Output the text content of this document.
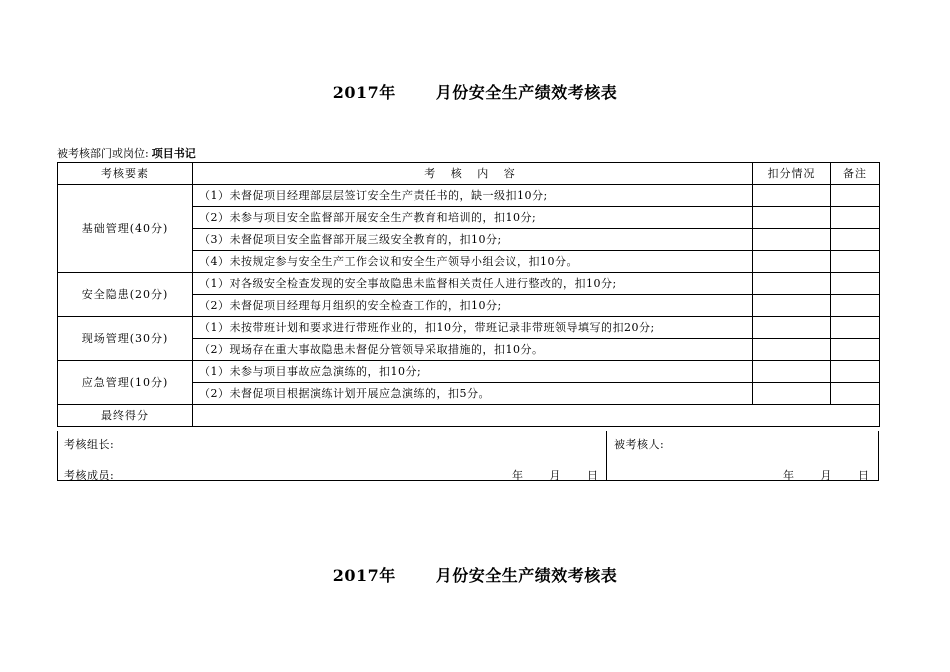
2017年	月份安全生产绩效考核表
被考核部门或岗位: 项目书记
考核要素	考 核 内 容	扣分情况	备注
基础管理(40分)	（1）未督促项目经理部层层签订安全生产责任书的，缺一级扣10分;		
	（2）未参与项目安全监督部开展安全生产教育和培训的，扣10分;		
	（3）未督促项目安全监督部开展三级安全教育的，扣10分;		
	（4）未按规定参与安全生产工作会议和安全生产领导小组会议，扣10分。		
安全隐患(20分)	（1）对各级安全检查发现的安全事故隐患未监督相关责任人进行整改的，扣10分;		
	（2）未督促项目经理每月组织的安全检查工作的，扣10分;		
现场管理(30分)	（1）未按带班计划和要求进行带班作业的，扣10分，带班记录非带班领导填写的扣20分;		
	（2）现场存在重大事故隐患未督促分管领导采取措施的，扣10分。		
应急管理(10分)	（1）未参与项目事故应急演练的，扣10分;		
	（2）未督促项目根据演练计划开展应急演练的，扣5分。		
最终得分			
考核组长:
考核成员:	年 月 日
被考核人:
年 月 日
2017年	月份安全生产绩效考核表
